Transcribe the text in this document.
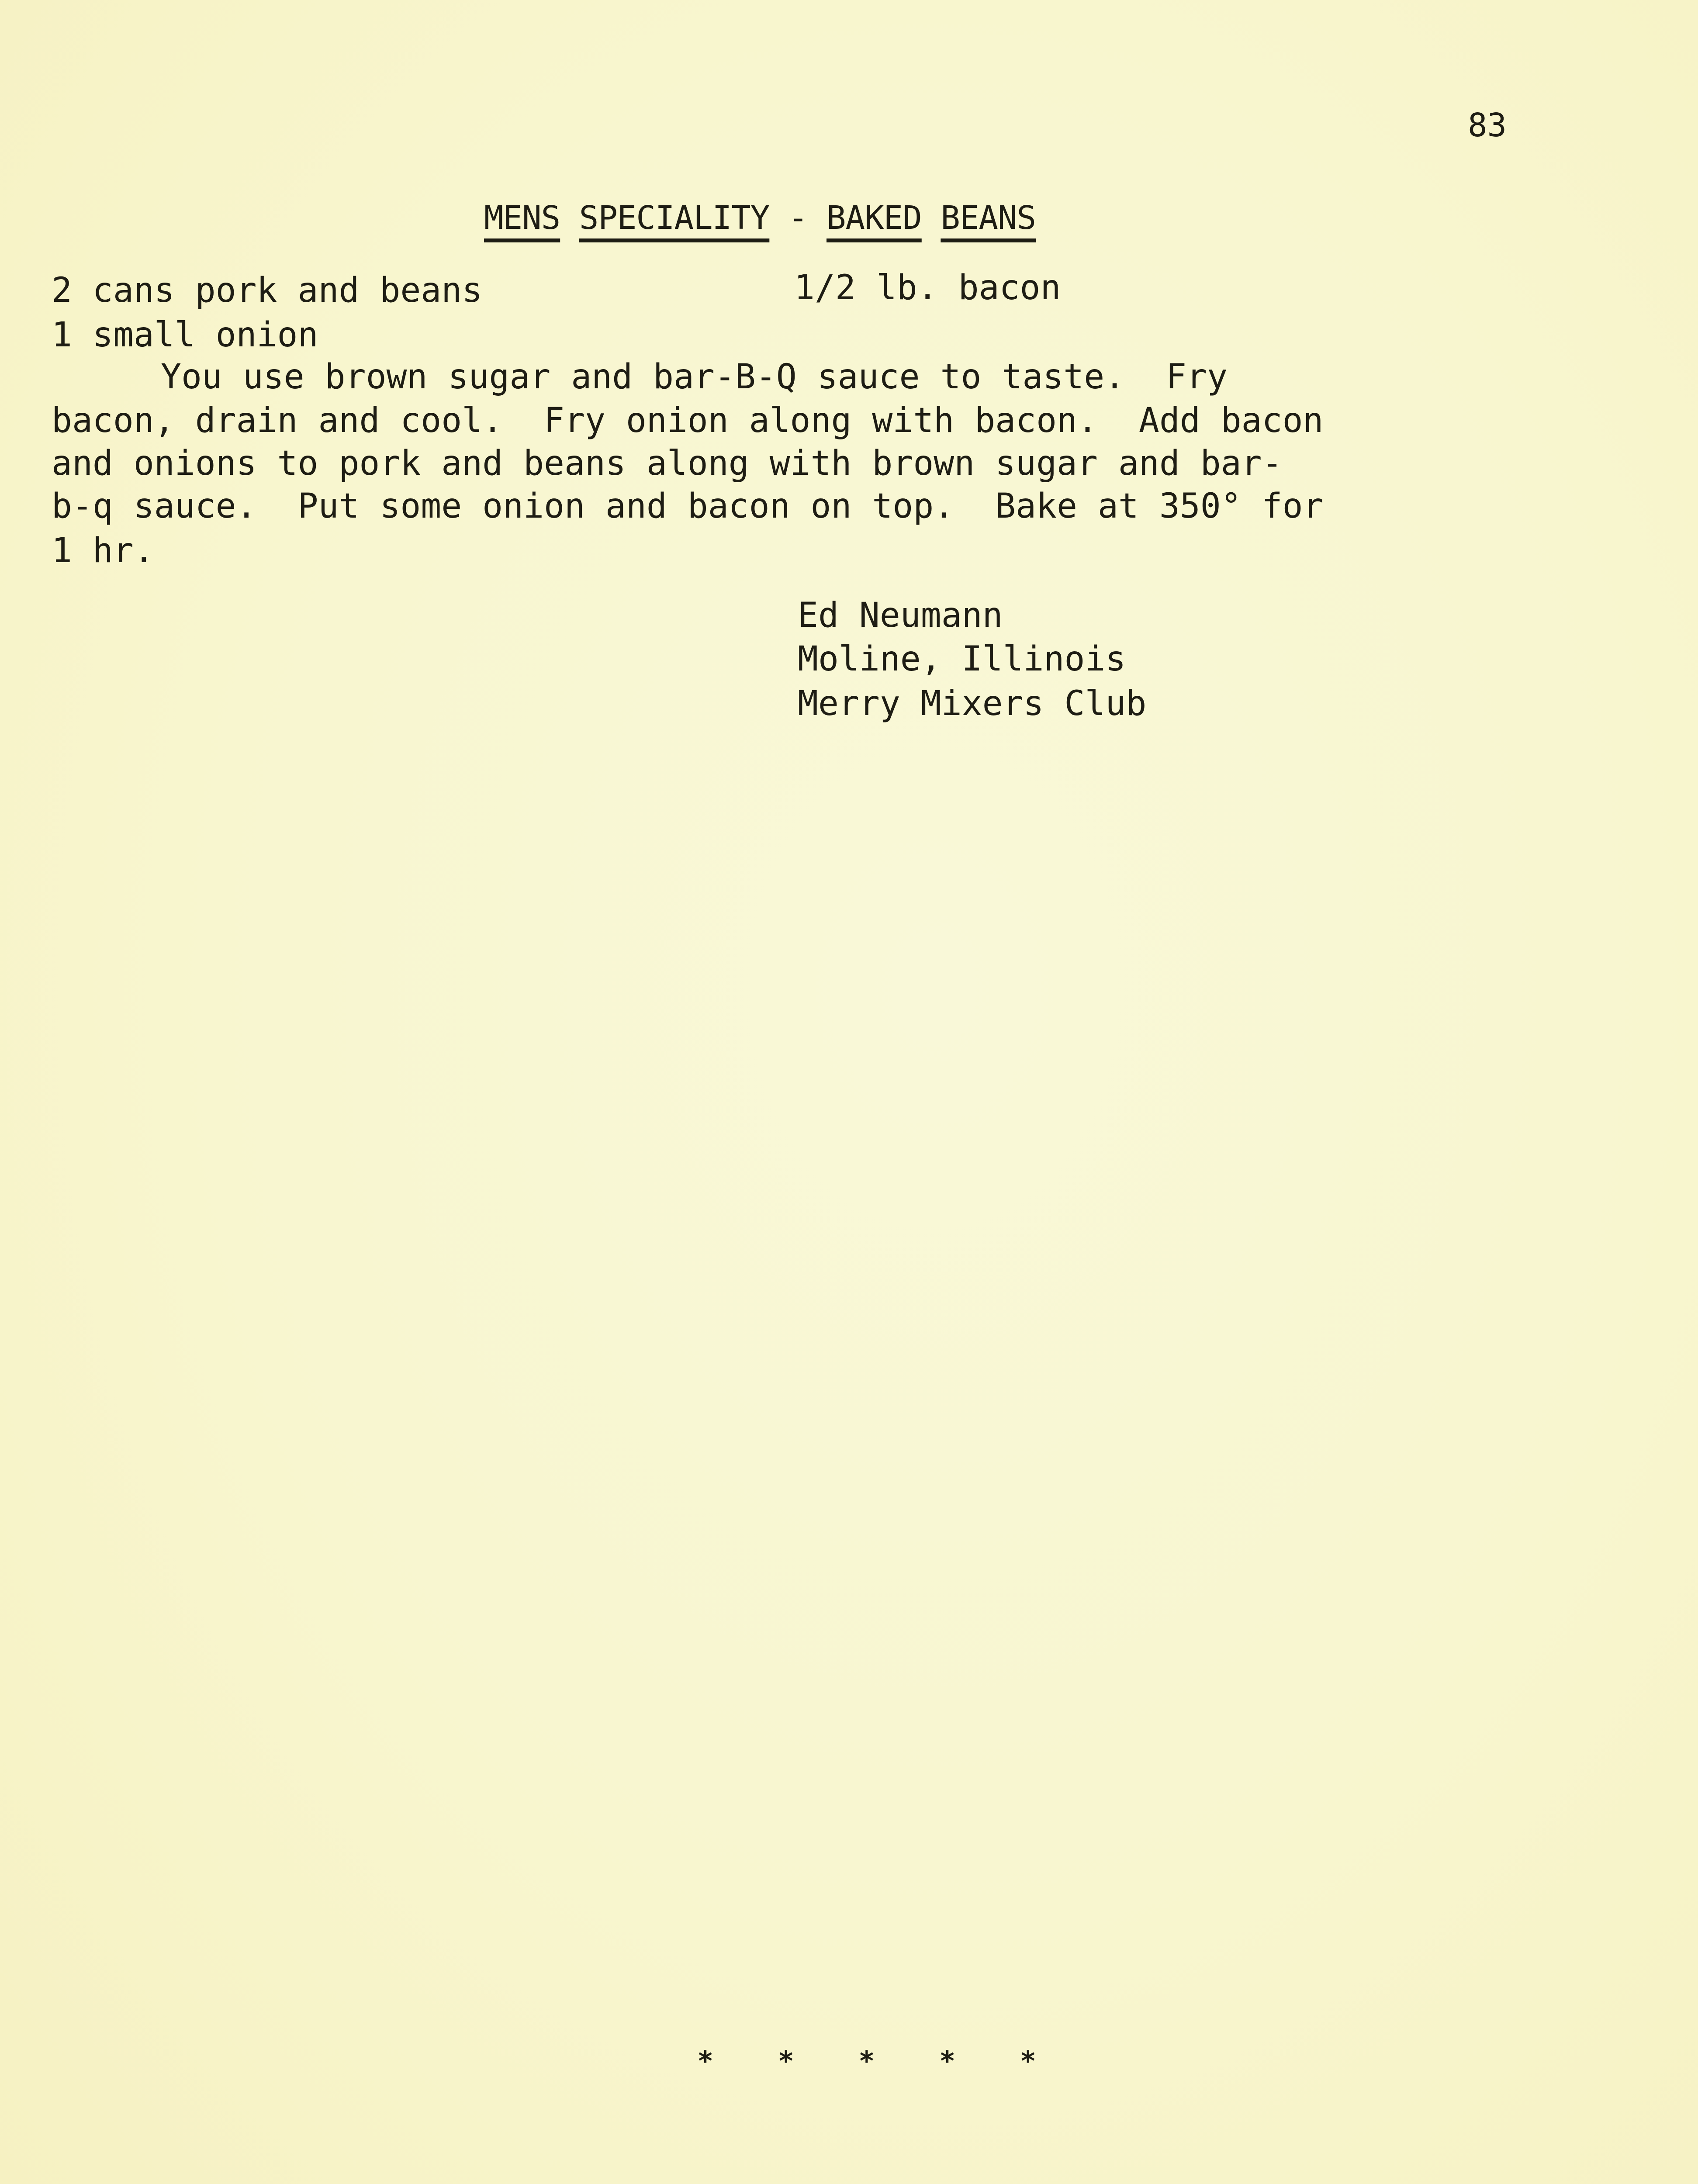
83
MENS SPECIALITY - BAKED BEANS
2 cans pork and beans	1/2 lb. bacon
1 small onion
You use brown sugar and bar-B-Q sauce to taste.  Fry
bacon, drain and cool.  Fry onion along with bacon.  Add bacon
and onions to pork and beans along with brown sugar and bar-
b-q sauce.  Put some onion and bacon on top.  Bake at 350° for
1 hr.
Ed Neumann
Moline, Illinois
Merry Mixers Club
* * * * *
